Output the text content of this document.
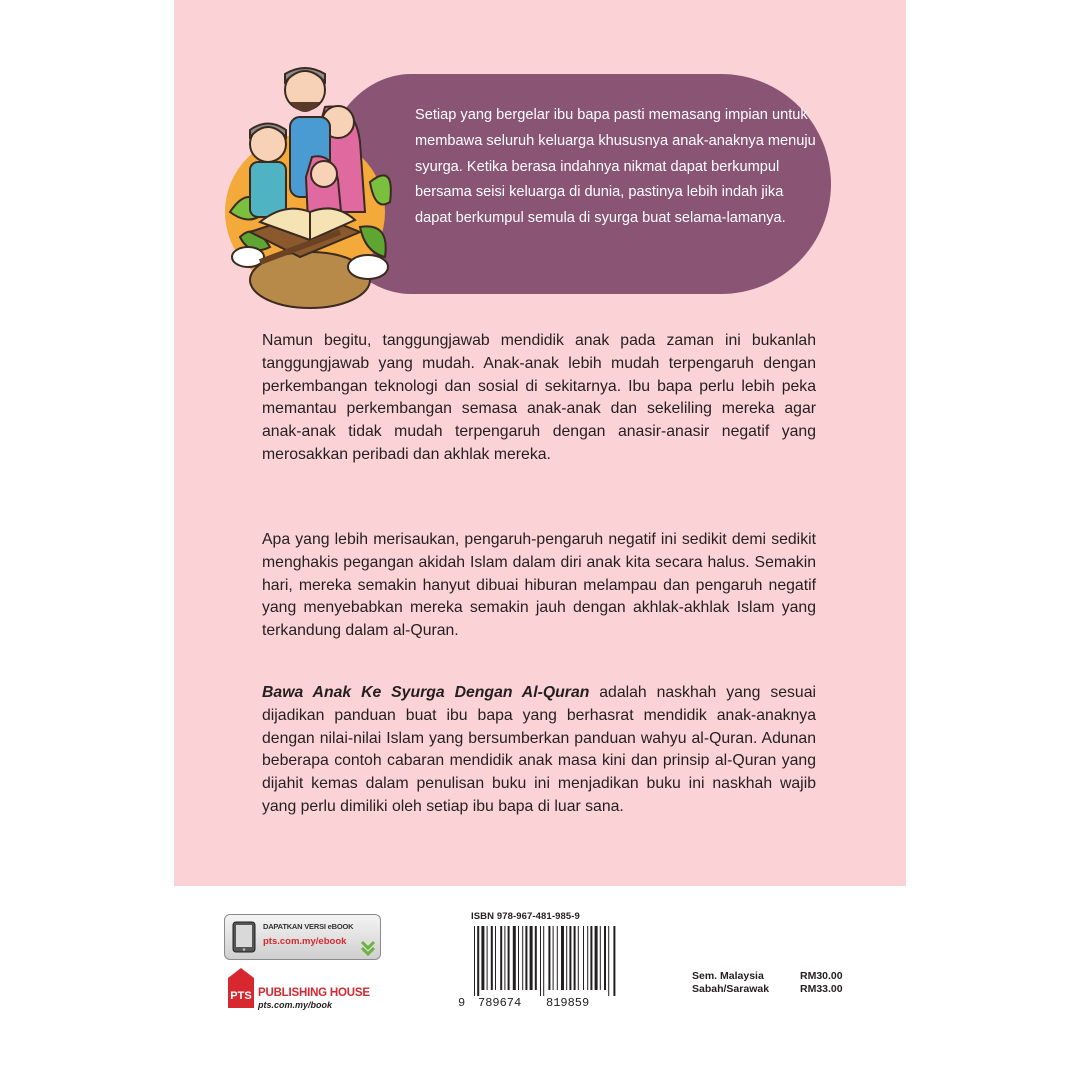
Setiap yang bergelar ibu bapa pasti memasang impian untuk membawa seluruh keluarga khususnya anak-anaknya menuju syurga. Ketika berasa indahnya nikmat dapat berkumpul bersama seisi keluarga di dunia, pastinya lebih indah jika dapat berkumpul semula di syurga buat selama-lamanya.

Namun begitu, tanggungjawab mendidik anak pada zaman ini bukanlah tanggungjawab yang mudah. Anak-anak lebih mudah terpengaruh dengan perkembangan teknologi dan sosial di sekitarnya. Ibu bapa perlu lebih peka memantau perkembangan semasa anak-anak dan sekeliling mereka agar anak-anak tidak mudah terpengaruh dengan anasir-anasir negatif yang merosakkan peribadi dan akhlak mereka.

Apa yang lebih merisaukan, pengaruh-pengaruh negatif ini sedikit demi sedikit menghakis pegangan akidah Islam dalam diri anak kita secara halus. Semakin hari, mereka semakin hanyut dibuai hiburan melampau dan pengaruh negatif yang menyebabkan mereka semakin jauh dengan akhlak-akhlak Islam yang terkandung dalam al-Quran.

Bawa Anak Ke Syurga Dengan Al-Quran adalah naskhah yang sesuai dijadikan panduan buat ibu bapa yang berhasrat mendidik anak-anaknya dengan nilai-nilai Islam yang bersumberkan panduan wahyu al-Quran. Adunan beberapa contoh cabaran mendidik anak masa kini dan prinsip al-Quran yang dijahit kemas dalam penulisan buku ini menjadikan buku ini naskhah wajib yang perlu dimiliki oleh setiap ibu bapa di luar sana.

DAPATKAN VERSI eBOOK
pts.com.my/ebook
PTS PUBLISHING HOUSE
pts.com.my/book
ISBN 978-967-481-985-9
9 789674 819859
Sem. Malaysia	RM30.00
Sabah/Sarawak	RM33.00
